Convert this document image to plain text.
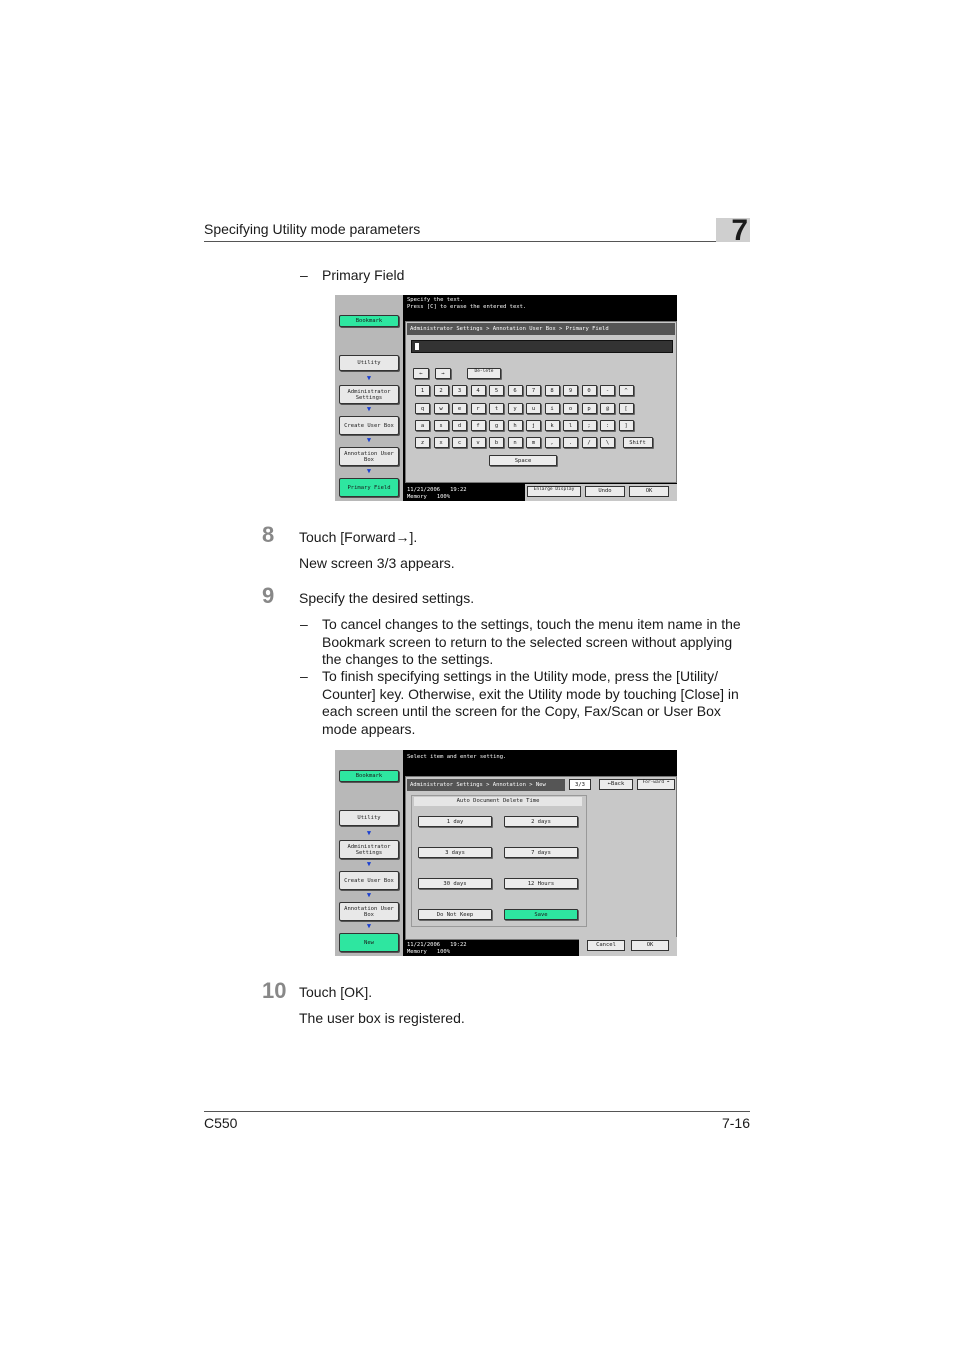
Specifying Utility mode parameters	7
– Primary Field
Bookmark
Utility
▼
Administrator Settings
▼
Create User Box
▼
Annotation User Box
▼
Primary Field
Specify the text.
Press [C] to erase the entered text.
Administrator Settings > Annotation User Box > Primary Field
←	→	De-lete
1	2	3	4	5	6	7	8	9	0	-	^
q	w	e	r	t	y	u	i	o	p	@	[
a	s	d	f	g	h	j	k	l	;	:	]
z	x	c	v	b	n	m	,	.	/	\	Shift
Space
11/21/2006 19:22
Memory 100%
Enlarge Display	Undo	OK
8 Touch [Forward→].
New screen 3/3 appears.
9 Specify the desired settings.
– To cancel changes to the settings, touch the menu item name in the Bookmark screen to return to the selected screen without applying the changes to the settings.
– To finish specifying settings in the Utility mode, press the [Utility/ Counter] key. Otherwise, exit the Utility mode by touching [Close] in each screen until the screen for the Copy, Fax/Scan or User Box mode appears.
Bookmark
Utility
▼
Administrator Settings
▼
Create User Box
▼
Annotation User Box
▼
New
Select item and enter setting.
Administrator Settings > Annotation > New	3/3	←Back	For-ward ➡
Auto Document Delete Time
1 day	2 days
3 days	7 days
30 days	12 Hours
Do Not Keep	Save
11/21/2006 19:22
Memory 100%
Cancel	OK
10 Touch [OK].
The user box is registered.
C550	7-16
